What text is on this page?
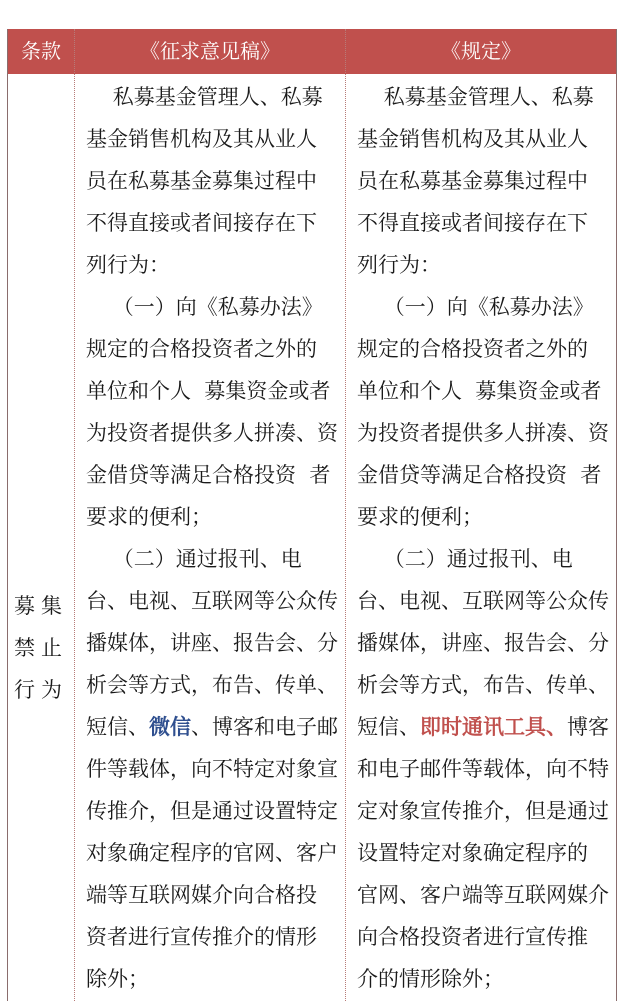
条款	《征求意见稿》	《规定》
募集
禁止
行为
私募基金管理人、私募
基金销售机构及其从业人
员在私募基金募集过程中
不得直接或者间接存在下
列行为：
（一）向《私募办法》
规定的合格投资者之外的
单位和个人  募集资金或者
为投资者提供多人拼凑、资
金借贷等满足合格投资  者
要求的便利；
（二）通过报刊、电
台、电视、互联网等公众传
播媒体，讲座、报告会、分
析会等方式，布告、传单、
短信、微信、博客和电子邮
件等载体，向不特定对象宣
传推介，但是通过设置特定
对象确定程序的官网、客户
端等互联网媒介向合格投
资者进行宣传推介的情形
除外；
私募基金管理人、私募
基金销售机构及其从业人
员在私募基金募集过程中
不得直接或者间接存在下
列行为：
（一）向《私募办法》
规定的合格投资者之外的
单位和个人  募集资金或者
为投资者提供多人拼凑、资
金借贷等满足合格投资  者
要求的便利；
（二）通过报刊、电
台、电视、互联网等公众传
播媒体，讲座、报告会、分
析会等方式，布告、传单、
短信、即时通讯工具、博客
和电子邮件等载体，向不特
定对象宣传推介，但是通过
设置特定对象确定程序的
官网、客户端等互联网媒介
向合格投资者进行宣传推
介的情形除外；
